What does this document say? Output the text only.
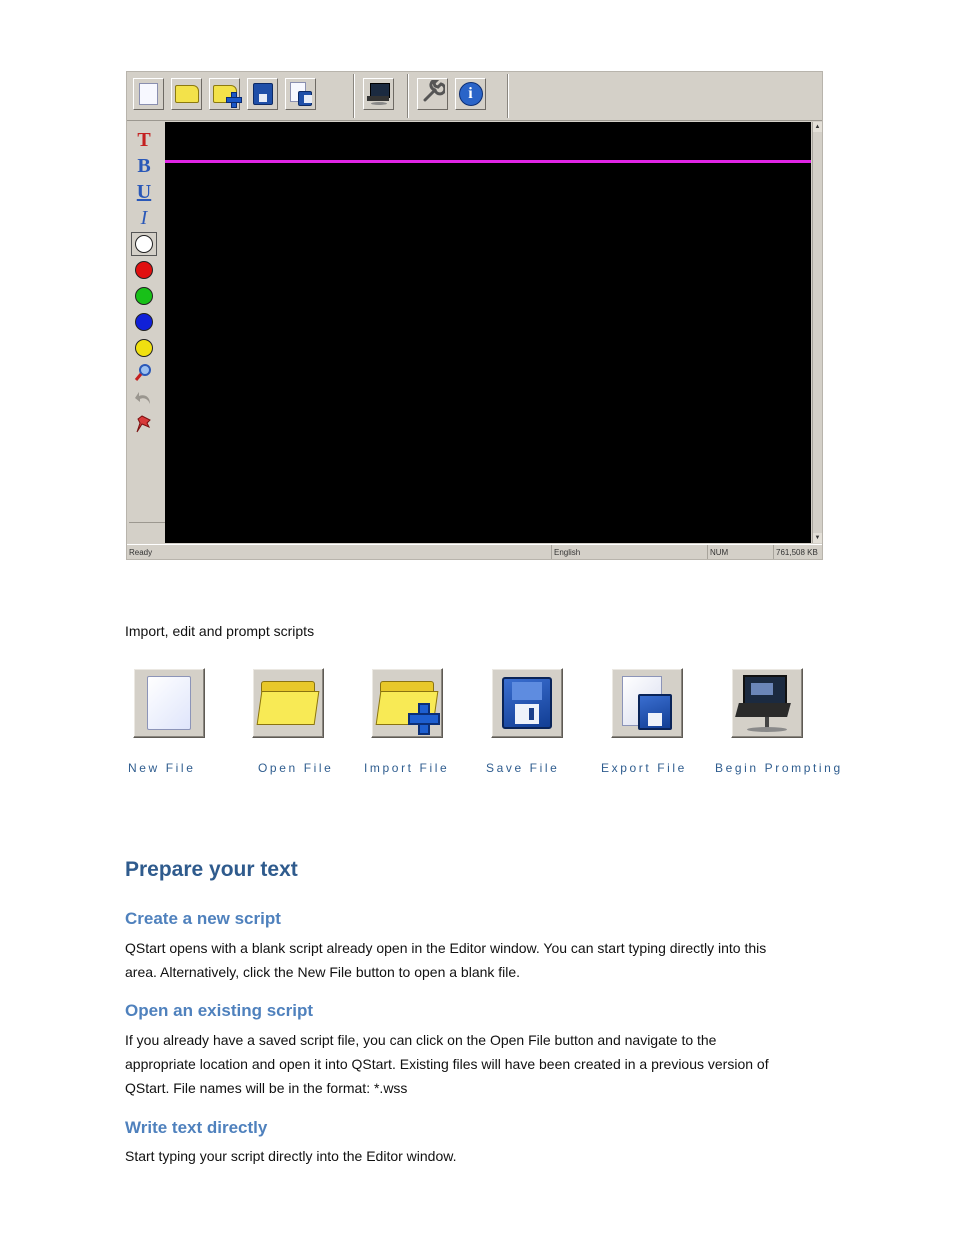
i
T
B
U
I
▲
▼
Ready	English	NUM	761,508 KB
Import, edit and prompt scripts
New File	Open File	Import File	Save File	Export File Begin Prompting
Prepare your text
Create a new script

QStart opens with a blank script already open in the Editor window. You can start typing directly into this
area. Alternatively, click the New File button to open a blank file.

Open an existing script

If you already have a saved script file, you can click on the Open File button and navigate to the
appropriate location and open it into QStart. Existing files will have been created in a previous version of
QStart. File names will be in the format: *.wss

Write text directly

Start typing your script directly into the Editor window.
